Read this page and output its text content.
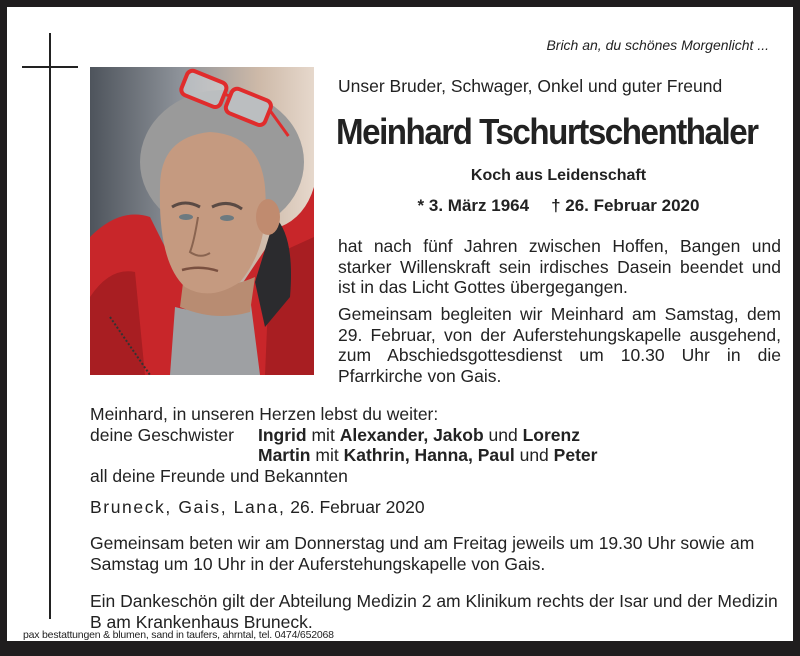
Brich an, du schönes Morgenlicht ...
Unser Bruder, Schwager, Onkel und guter Freund
Meinhard Tschurtschenthaler
Koch aus Leidenschaft
* 3. März 1964 † 26. Februar 2020
hat nach fünf Jahren zwischen Hoffen, Bangen und starker Willenskraft sein irdisches Dasein beendet und ist in das Licht Gottes übergegangen.
Gemeinsam begleiten wir Meinhard am Samstag, dem 29. Februar, von der Auferstehungskapelle ausgehend, zum Abschiedsgottesdienst um 10.30 Uhr in die Pfarrkirche von Gais.
Meinhard, in unseren Herzen lebst du weiter:
deine Geschwister Ingrid mit Alexander, Jakob und Lorenz
Martin mit Kathrin, Hanna, Paul und Peter
all deine Freunde und Bekannten
Bruneck, Gais, Lana, 26. Februar 2020
Gemeinsam beten wir am Donnerstag und am Freitag jeweils um 19.30 Uhr sowie am Samstag um 10 Uhr in der Auferstehungskapelle von Gais.
Ein Dankeschön gilt der Abteilung Medizin 2 am Klinikum rechts der Isar und der Medizin B am Krankenhaus Bruneck.
pax bestattungen & blumen, sand in taufers, ahrntal, tel. 0474/652068
